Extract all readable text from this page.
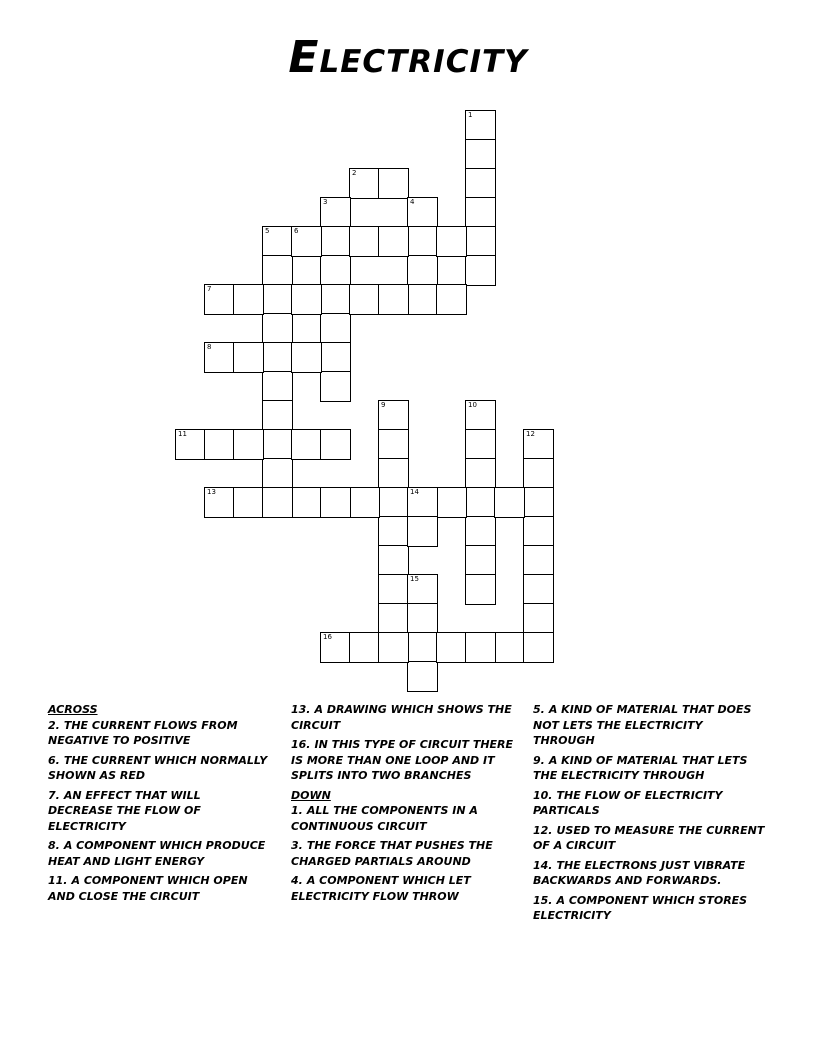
Electricity
1
2
3	4
5	6
7
8
9	10
11	12
13	14
15
16
ACROSS
2. THE CURRENT FLOWS FROM NEGATIVE TO POSITIVE
6. THE CURRENT WHICH NORMALLY SHOWN AS RED
7. AN EFFECT THAT WILL DECREASE THE FLOW OF ELECTRICITY
8. A COMPONENT WHICH PRODUCE HEAT AND LIGHT ENERGY
11. A COMPONENT WHICH OPEN AND CLOSE THE CIRCUIT
13. A DRAWING WHICH SHOWS THE CIRCUIT
16. IN THIS TYPE OF CIRCUIT THERE IS MORE THAN ONE LOOP AND IT SPLITS INTO TWO BRANCHES
DOWN
1. ALL THE COMPONENTS IN A CONTINUOUS CIRCUIT
3. THE FORCE THAT PUSHES THE CHARGED PARTIALS AROUND
4. A COMPONENT WHICH LET ELECTRICITY FLOW THROW
5. A KIND OF MATERIAL THAT DOES NOT LETS THE ELECTRICITY THROUGH
9. A KIND OF MATERIAL THAT LETS THE ELECTRICITY THROUGH
10. THE FLOW OF ELECTRICITY PARTICALS
12. USED TO MEASURE THE CURRENT OF A CIRCUIT
14. THE ELECTRONS JUST VIBRATE BACKWARDS AND FORWARDS.
15. A COMPONENT WHICH STORES ELECTRICITY
